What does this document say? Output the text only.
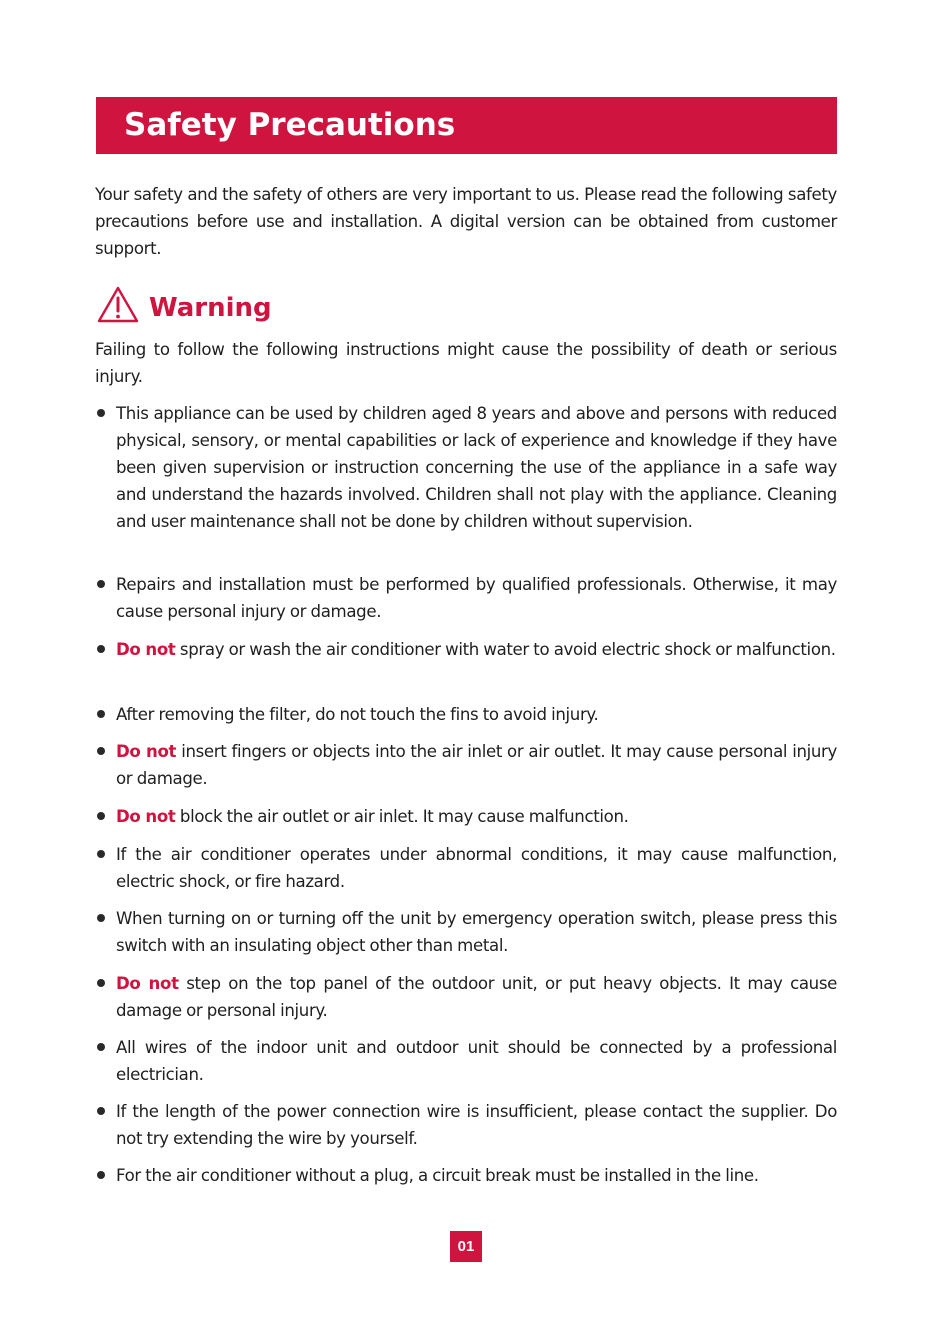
Safety Precautions

Your safety and the safety of others are very important to us. Please read the following safety precautions before use and installation. A digital version can be obtained from customer support.

Warning

Failing to follow the following instructions might cause the possibility of death or serious injury.

This appliance can be used by children aged 8 years and above and persons with reduced physical, sensory, or mental capabilities or lack of experience and knowledge if they have been given supervision or instruction concerning the use of the appliance in a safe way and understand the hazards involved. Children shall not play with the appliance. Cleaning and user maintenance shall not be done by children without supervision.
Repairs and installation must be performed by qualified professionals. Otherwise, it may cause personal injury or damage.
Do not spray or wash the air conditioner with water to avoid electric shock or malfunction.
After removing the filter, do not touch the fins to avoid injury.
Do not insert fingers or objects into the air inlet or air outlet. It may cause personal injury or damage.
Do not block the air outlet or air inlet. It may cause malfunction.
If the air conditioner operates under abnormal conditions, it may cause malfunction, electric shock, or fire hazard.
When turning on or turning off the unit by emergency operation switch, please press this switch with an insulating object other than metal.
Do not step on the top panel of the outdoor unit, or put heavy objects. It may cause damage or personal injury.
All wires of the indoor unit and outdoor unit should be connected by a professional electrician.
If the length of the power connection wire is insufficient, please contact the supplier. Do not try extending the wire by yourself.
For the air conditioner without a plug, a circuit break must be installed in the line.
01
